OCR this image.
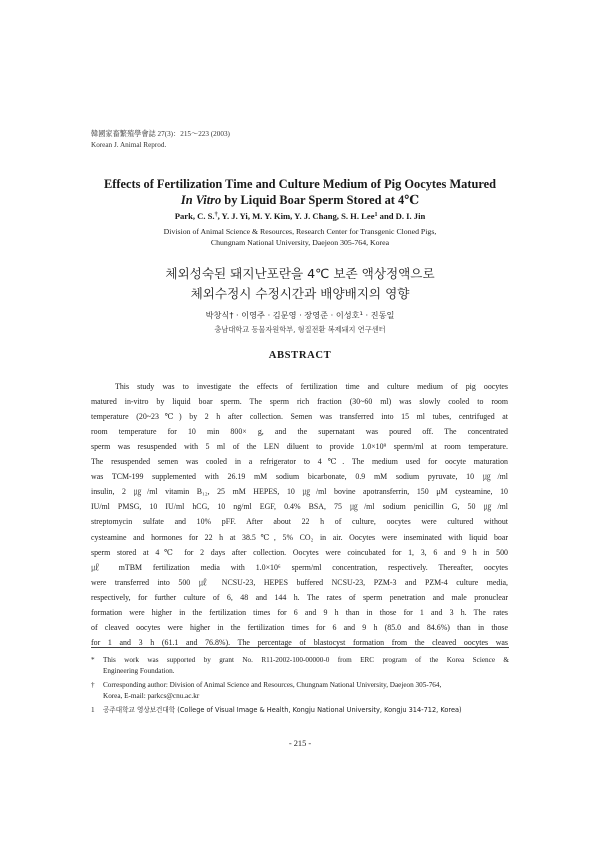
韓國家畜繁殖學會誌 27(3)：215～223 (2003)

Korean J. Animal Reprod.

Effects of Fertilization Time and Culture Medium of Pig Oocytes Matured

In Vitro by Liquid Boar Sperm Stored at 4℃

Park, C. S.†, Y. J. Yi, M. Y. Kim, Y. J. Chang, S. H. Lee$^1$ and D. I. Jin

Division of Animal Science & Resources, Research Center for Transgenic Cloned Pigs,

Chungnam National University, Daejeon 305-764, Korea

체외성숙된 돼지난포란을 4℃ 보존 액상정액으로

체외수정시 수정시간과 배양배지의 영향

박창식† · 이영주 · 김문영 · 장영준 · 이성호¹ · 진동일

충남대학교 동물자원학부, 형질전환 복제돼지 연구센터

ABSTRACT

This study was to investigate the effects of fertilization time and culture medium of pig oocytes

matured in-vitro by liquid boar sperm. The sperm rich fraction (30~60 ml) was slowly cooled to room

temperature (20~23℃) by 2 h after collection. Semen was transferred into 15 ml tubes, centrifuged at

room temperature for 10 min 800× g, and the supernatant was poured off. The concentrated

sperm was resuspended with 5 ml of the LEN diluent to provide 1.0×10⁹ sperm/ml at room temperature.

The resuspended semen was cooled in a refrigerator to 4℃. The medium used for oocyte maturation

was TCM-199 supplemented with 26.19 mM sodium bicarbonate, 0.9 mM sodium pyruvate, 10 ㎍/ml

insulin, 2 ㎍/ml vitamin B₁₂, 25 mM HEPES, 10 ㎍/ml bovine apotransferrin, 150 μM cysteamine, 10

IU/ml PMSG, 10 IU/ml hCG, 10 ng/ml EGF, 0.4% BSA, 75 ㎍/ml sodium penicillin G, 50 ㎍/ml

streptomycin sulfate and 10% pFF. After about 22 h of culture, oocytes were cultured without

cysteamine and hormones for 22 h at 38.5℃, 5% CO₂ in air. Oocytes were inseminated with liquid boar

sperm stored at 4℃ for 2 days after collection. Oocytes were coincubated for 1, 3, 6 and 9 h in 500

㎕ mTBM fertilization media with 1.0×10⁶ sperm/ml concentration, respectively. Thereafter, oocytes

were transferred into 500 ㎕ NCSU-23, HEPES buffered NCSU-23, PZM-3 and PZM-4 culture media,

respectively, for further culture of 6, 48 and 144 h. The rates of sperm penetration and male pronuclear

formation were higher in the fertilization times for 6 and 9 h than in those for 1 and 3 h. The rates

of cleaved oocytes were higher in the fertilization times for 6 and 9 h (85.0 and 84.6%) than in those

for 1 and 3 h (61.1 and 76.8%). The percentage of blastocyst formation from the cleaved oocytes was

* This work was supported by grant No. R11-2002-100-00000-0 from ERC program of the Korea Science &

Engineering Foundation.

† Corresponding author: Division of Animal Science and Resources, Chungnam National University, Daejeon 305-764,

Korea, E-mail: parkcs@cnu.ac.kr

1 공주대학교 영상보건대학 (College of Visual Image & Health, Kongju National University, Kongju 314-712, Korea)

- 215 -
